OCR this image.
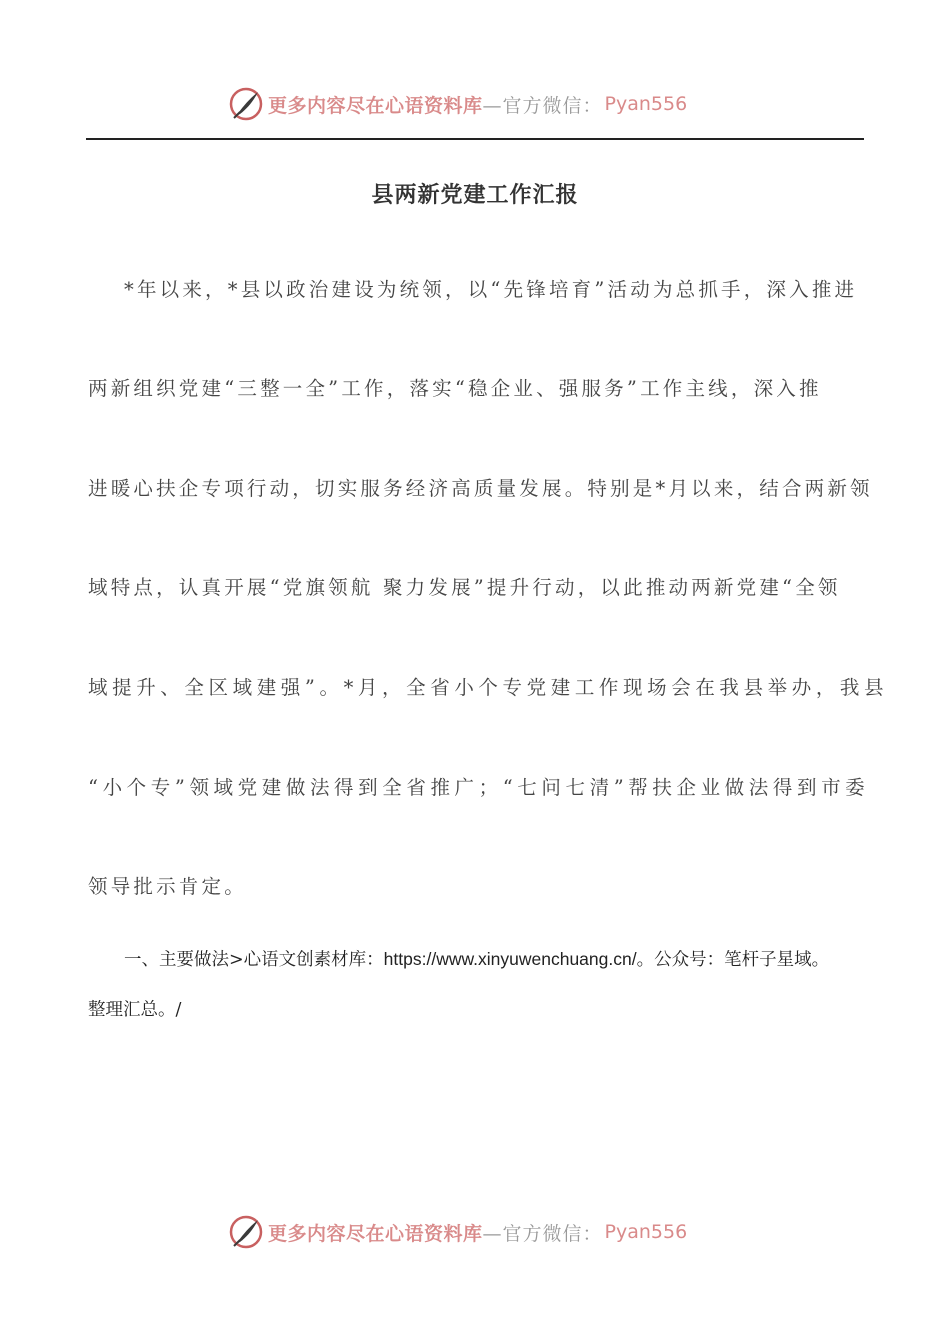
更多内容尽在心语资料库 —官方微信： Pyan556
县两新党建工作汇报
*年以来，*县以政治建设为统领，以“先锋培育”活动为总抓手，深入推进
两新组织党建“三整一全”工作，落实“稳企业、强服务”工作主线，深入推
进暖心扶企专项行动，切实服务经济高质量发展。特别是*月以来，结合两新领
域特点，认真开展“党旗领航 聚力发展”提升行动，以此推动两新党建“全领
域提升、全区域建强”。*月，全省小个专党建工作现场会在我县举办，我县
“小个专”领域党建做法得到全省推广；“七问七清”帮扶企业做法得到市委
领导批示肯定。
一、主要做法>心语文创素材库：https://www.xinyuwenchuang.cn/。公众号：笔杆子星域。
整理汇总。/
更多内容尽在心语资料库 —官方微信： Pyan556
